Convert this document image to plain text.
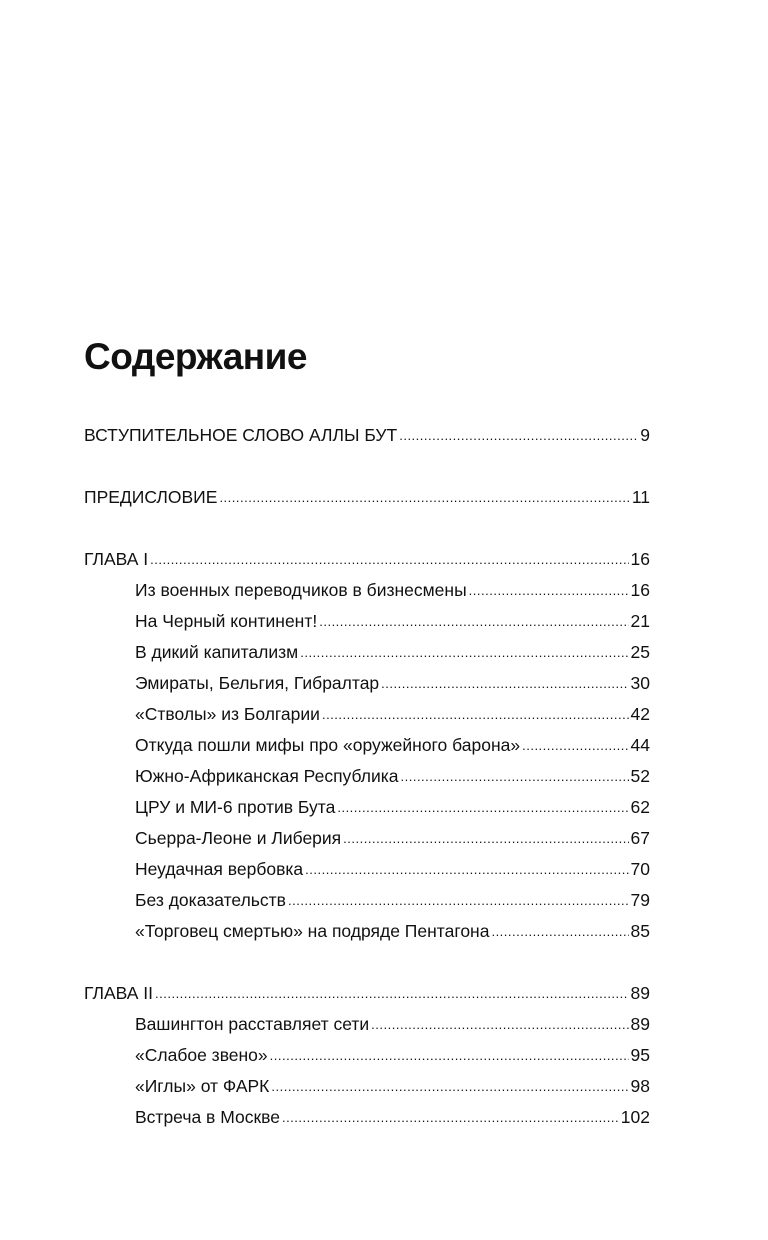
Содержание
ВСТУПИТЕЛЬНОЕ СЛОВО АЛЛЫ БУТ .....	9
ПРЕДИСЛОВИЕ .....	11
ГЛАВА I .....	16
Из военных переводчиков в бизнесмены .....	16
На Черный континент! .....	21
В дикий капитализм .....	25
Эмираты, Бельгия, Гибралтар .....	30
«Стволы» из Болгарии .....	42
Откуда пошли мифы про «оружейного барона» .....	44
Южно-Африканская Республика .....	52
ЦРУ и МИ-6 против Бута .....	62
Сьерра-Леоне и Либерия .....	67
Неудачная вербовка .....	70
Без доказательств .....	79
«Торговец смертью» на подряде Пентагона .....	85
ГЛАВА II .....	89
Вашингтон расставляет сети .....	89
«Слабое звено» .....	95
«Иглы» от ФАРК .....	98
Встреча в Москве .....	102
